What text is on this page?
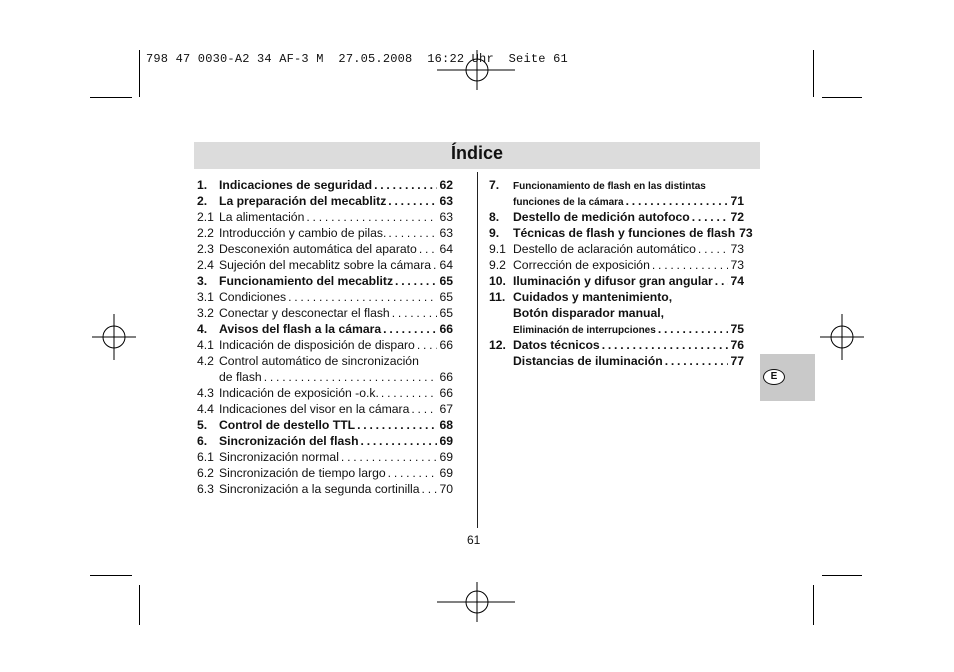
798 47 0030-A2 34 AF-3 M  27.05.2008  16:22 Uhr  Seite 61
Índice
1. Indicaciones de seguridad . . .	62
2. La preparación del mecablitz . . .	63
2.1 La alimentación . . .	63
2.2 Introducción y cambio de pilas. . . .	63
2.3 Desconexión automática del aparato . . . 64
2.4 Sujeción del mecablitz sobre la cámara . . . 64
3. Funcionamiento del mecablitz . . .	65
3.1 Condiciones . . .	65
3.2 Conectar y desconectar el flash . . .	65
4. Avisos del flash a la cámara . . .	66
4.1 Indicación de disposición de disparo . . . 66
4.2 Control automático de sincronización
de flash . . .	66
4.3 Indicación de exposición -o.k. . . .	66
4.4 Indicaciones del visor en la cámara . . . 67
5. Control de destello TTL . . .	68
6. Sincronización del flash . . .	69
6.1 Sincronización normal . . .	69
6.2 Sincronización de tiempo largo . . .	69
6.3 Sincronización a la segunda cortinilla . . . 70
7.	Funcionamiento de flash en las distintas
funciones de la cámara . . .	71
8.	Destello de medición autofoco . . .	72
9.	Técnicas de flash y funciones de flash 73
9.1 Destello de aclaración automático . . .	73
9.2 Corrección de exposición . . .	73
10. Iluminación y difusor gran angular . . . 74
11. Cuidados y mantenimiento,
Botón disparador manual,
Eliminación de interrupciones . . .	75
12. Datos técnicos . . .	76
Distancias de iluminación . . .	77
E
61
